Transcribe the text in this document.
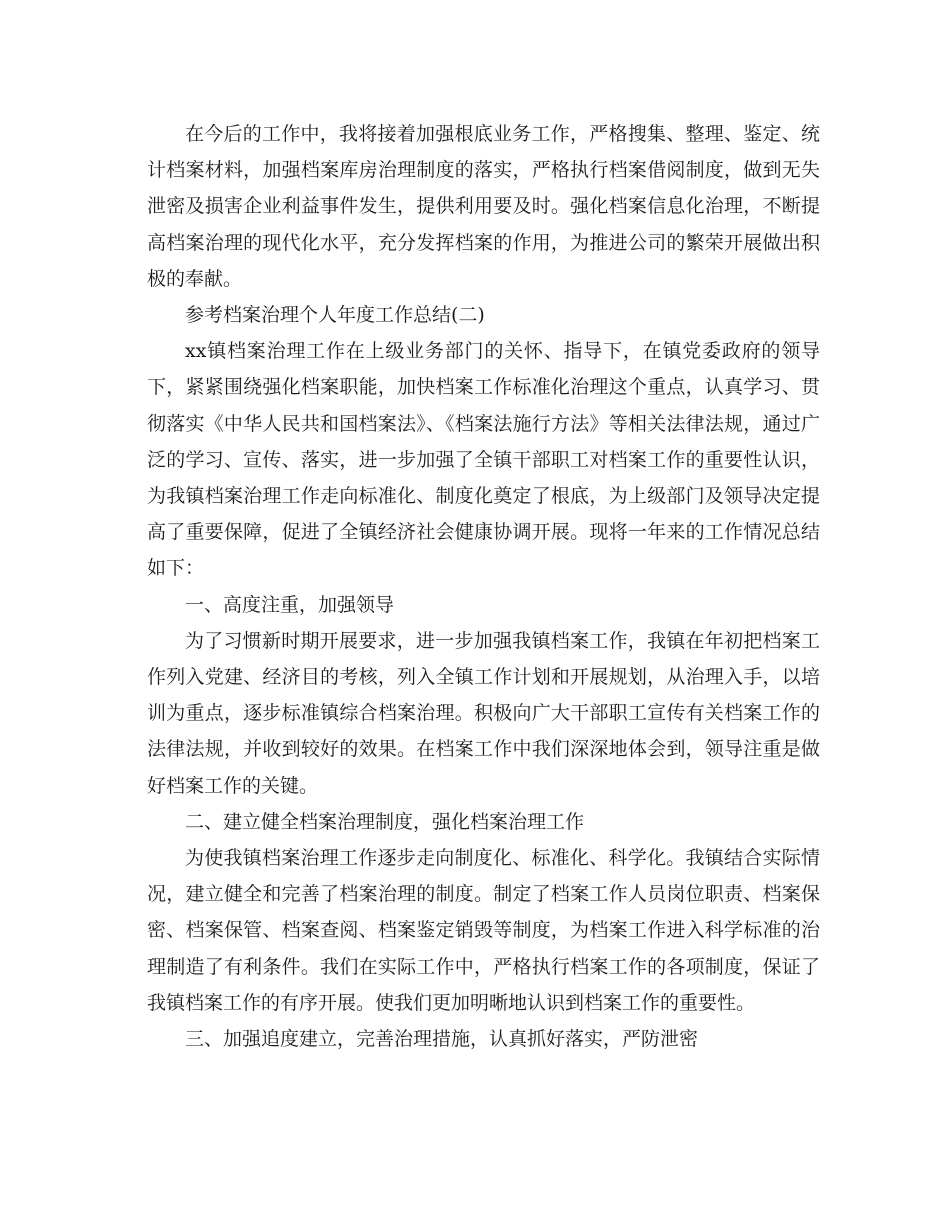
在今后的工作中，我将接着加强根底业务工作，严格搜集、整理、鉴定、统计档案材料，加强档案库房治理制度的落实，严格执行档案借阅制度，做到无失泄密及损害企业利益事件发生，提供利用要及时。强化档案信息化治理，不断提高档案治理的现代化水平，充分发挥档案的作用，为推进公司的繁荣开展做出积极的奉献。

参考档案治理个人年度工作总结(二)

xx镇档案治理工作在上级业务部门的关怀、指导下，在镇党委政府的领导下，紧紧围绕强化档案职能，加快档案工作标准化治理这个重点，认真学习、贯彻落实《中华人民共和国档案法》、《档案法施行方法》等相关法律法规，通过广泛的学习、宣传、落实，进一步加强了全镇干部职工对档案工作的重要性认识，为我镇档案治理工作走向标准化、制度化奠定了根底，为上级部门及领导决定提高了重要保障，促进了全镇经济社会健康协调开展。现将一年来的工作情况总结如下：

一、高度注重，加强领导

为了习惯新时期开展要求，进一步加强我镇档案工作，我镇在年初把档案工作列入党建、经济目的考核，列入全镇工作计划和开展规划，从治理入手，以培训为重点，逐步标准镇综合档案治理。积极向广大干部职工宣传有关档案工作的法律法规，并收到较好的效果。在档案工作中我们深深地体会到，领导注重是做好档案工作的关键。

二、建立健全档案治理制度，强化档案治理工作

为使我镇档案治理工作逐步走向制度化、标准化、科学化。我镇结合实际情况，建立健全和完善了档案治理的制度。制定了档案工作人员岗位职责、档案保密、档案保管、档案查阅、档案鉴定销毁等制度，为档案工作进入科学标准的治理制造了有利条件。我们在实际工作中，严格执行档案工作的各项制度，保证了我镇档案工作的有序开展。使我们更加明晰地认识到档案工作的重要性。

三、加强追度建立，完善治理措施，认真抓好落实，严防泄密
